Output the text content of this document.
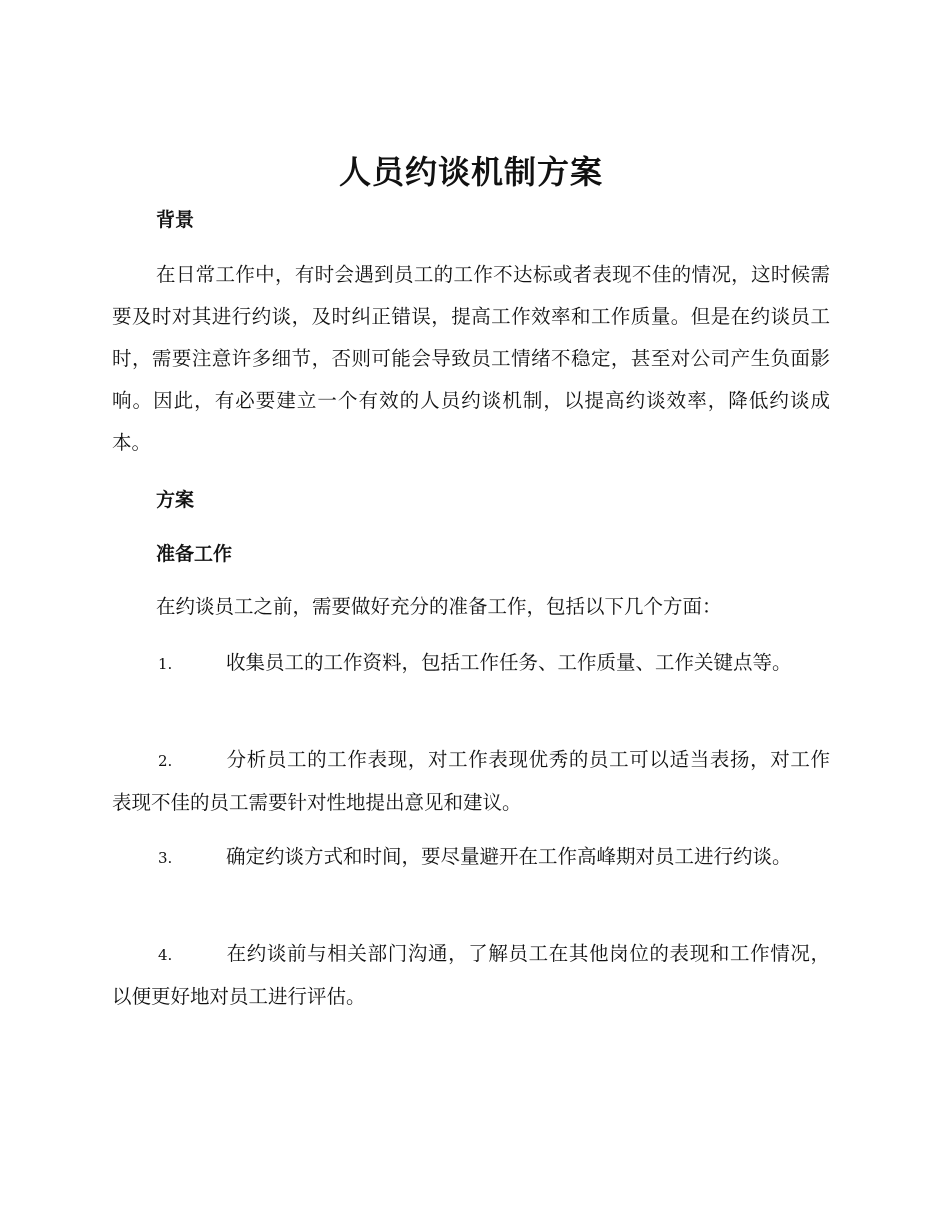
人员约谈机制方案
背景
在日常工作中，有时会遇到员工的工作不达标或者表现不佳的情况，这时候需要及时对其进行约谈，及时纠正错误，提高工作效率和工作质量。但是在约谈员工时，需要注意许多细节，否则可能会导致员工情绪不稳定，甚至对公司产生负面影响。因此，有必要建立一个有效的人员约谈机制，以提高约谈效率，降低约谈成本。
方案
准备工作
在约谈员工之前，需要做好充分的准备工作，包括以下几个方面：
1.	收集员工的工作资料，包括工作任务、工作质量、工作关键点等。
2.	分析员工的工作表现，对工作表现优秀的员工可以适当表扬，对工作表现不佳的员工需要针对性地提出意见和建议。
3.	确定约谈方式和时间，要尽量避开在工作高峰期对员工进行约谈。
4.	在约谈前与相关部门沟通，了解员工在其他岗位的表现和工作情况，以便更好地对员工进行评估。
